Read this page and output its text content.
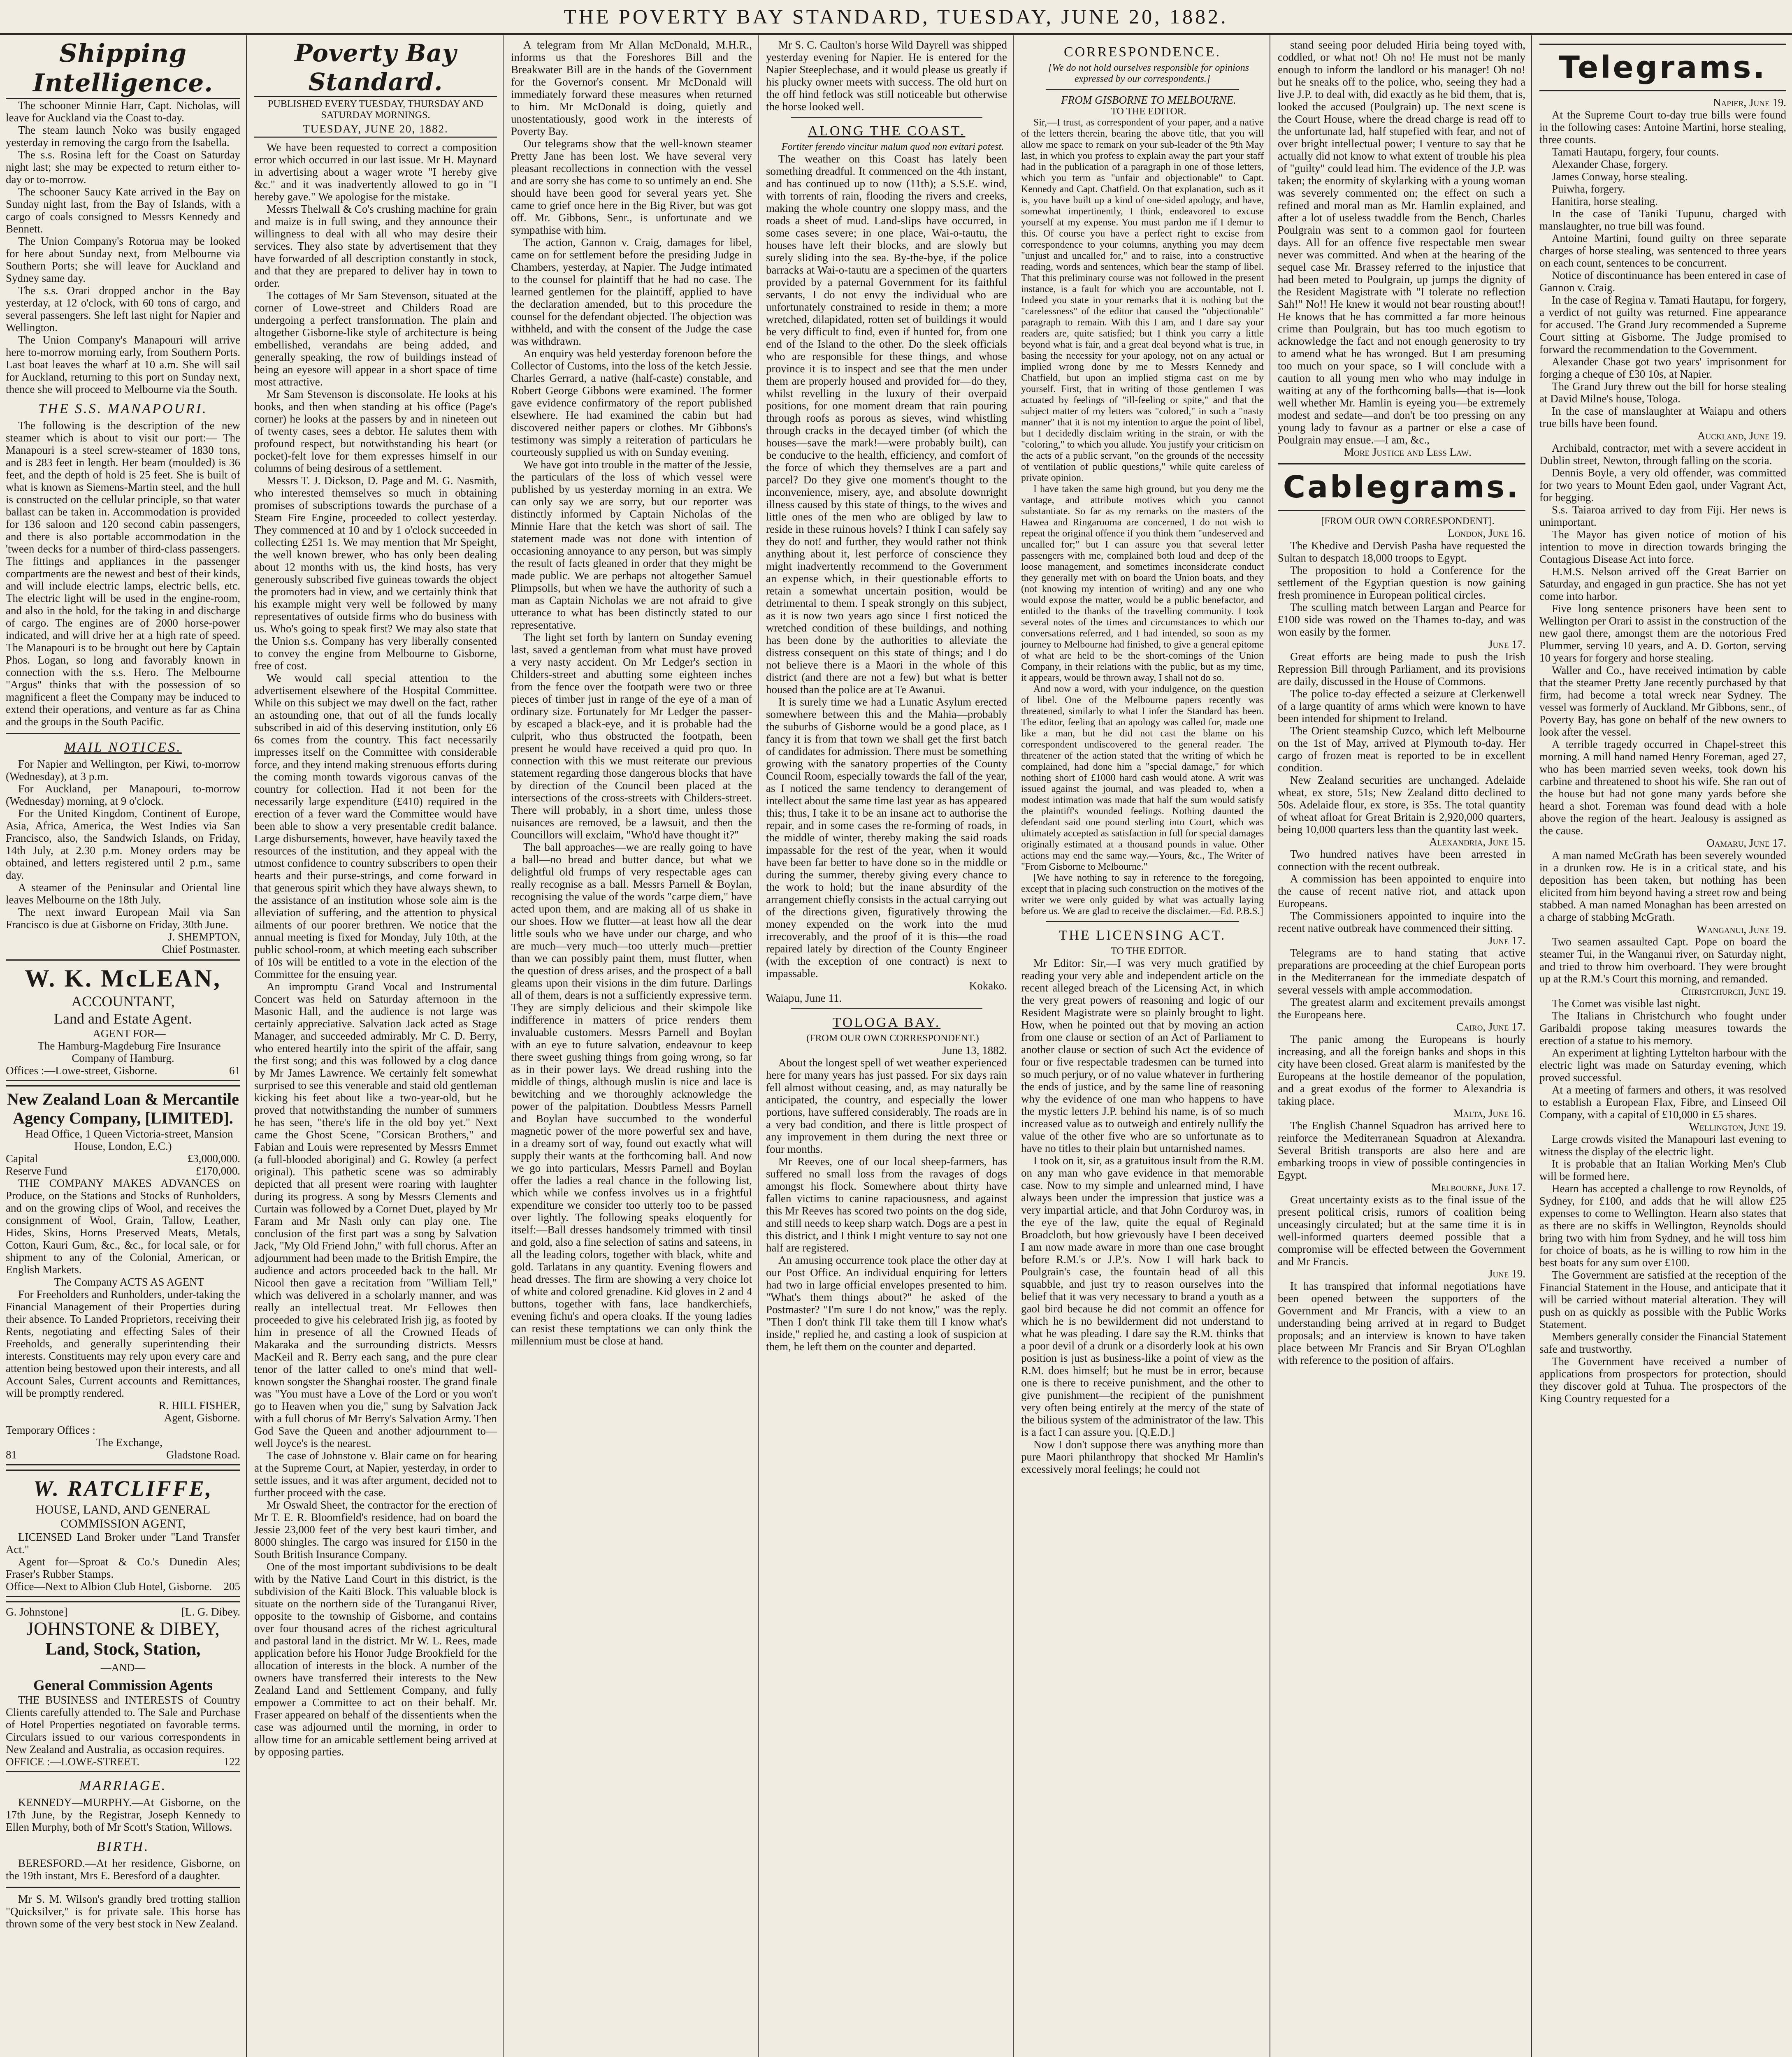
THE POVERTY BAY STANDARD, TUESDAY, JUNE 20, 1882.
Shipping Intelligence.

The schooner Minnie Harr, Capt. Nicholas, will leave for Auckland via the Coast to-day.

The steam launch Noko was busily engaged yesterday in removing the cargo from the Isabella.

The s.s. Rosina left for the Coast on Saturday night last; she may be expected to return either to-day or to-morrow.

The schooner Saucy Kate arrived in the Bay on Sunday night last, from the Bay of Islands, with a cargo of coals consigned to Messrs Kennedy and Bennett.

The Union Company's Rotorua may be looked for here about Sunday next, from Melbourne via Southern Ports; she will leave for Auckland and Sydney same day.

The s.s. Orari dropped anchor in the Bay yesterday, at 12 o'clock, with 60 tons of cargo, and several passengers. She left last night for Napier and Wellington.

The Union Company's Manapouri will arrive here to-morrow morning early, from Southern Ports. Last boat leaves the wharf at 10 a.m. She will sail for Auckland, returning to this port on Sunday next, thence she will proceed to Melbourne via the South.

THE S.S. MANAPOURI.

The following is the description of the new steamer which is about to visit our port:— The Manapouri is a steel screw-steamer of 1830 tons, and is 283 feet in length. Her beam (moulded) is 36 feet, and the depth of hold is 25 feet. She is built of what is known as Siemens-Martin steel, and the hull is constructed on the cellular principle, so that water ballast can be taken in. Accommodation is provided for 136 saloon and 120 second cabin passengers, and there is also portable accommodation in the 'tween decks for a number of third-class passengers. The fittings and appliances in the passenger compartments are the newest and best of their kinds, and will include electric lamps, electric bells, etc. The electric light will be used in the engine-room, and also in the hold, for the taking in and discharge of cargo. The engines are of 2000 horse-power indicated, and will drive her at a high rate of speed. The Manapouri is to be brought out here by Captain Phos. Logan, so long and favorably known in connection with the s.s. Hero. The Melbourne "Argus" thinks that with the possession of so magnificent a fleet the Company may be induced to extend their operations, and venture as far as China and the groups in the South Pacific.

MAIL NOTICES.

For Napier and Wellington, per Kiwi, to-morrow (Wednesday), at 3 p.m.

For Auckland, per Manapouri, to-morrow (Wednesday) morning, at 9 o'clock.

For the United Kingdom, Continent of Europe, Asia, Africa, America, the West Indies via San Francisco, also, the Sandwich Islands, on Friday, 14th July, at 2.30 p.m. Money orders may be obtained, and letters registered until 2 p.m., same day.

A steamer of the Peninsular and Oriental line leaves Melbourne on the 18th July.

The next inward European Mail via San Francisco is due at Gisborne on Friday, 30th June.

J. SHEMPTON,

Chief Postmaster.

W. K. McLEAN,
ACCOUNTANT,
Land and Estate Agent.

AGENT FOR—

The Hamburg-Magdeburg Fire Insurance Company of Hamburg.

Offices :—Lowe-street, Gisborne.	61
New Zealand Loan & Mercantile Agency Company, [LIMITED].

Head Office, 1 Queen Victoria-street, Mansion House, London, E.C.)

Capital	£3,000,000.
Reserve Fund	£170,000.

THE COMPANY MAKES ADVANCES on Produce, on the Stations and Stocks of Runholders, and on the growing clips of Wool, and receives the consignment of Wool, Grain, Tallow, Leather, Hides, Skins, Horns Preserved Meats, Metals, Cotton, Kauri Gum, &c., &c., for local sale, or for shipment to any of the Colonial, American, or English Markets.

The Company ACTS AS AGENT

For Freeholders and Runholders, under-taking the Financial Management of their Properties during their absence. To Landed Proprietors, receiving their Rents, negotiating and effecting Sales of their Freeholds, and generally superintending their interests. Constituents may rely upon every care and attention being bestowed upon their interests, and all Account Sales, Current accounts and Remittances, will be promptly rendered.

R. HILL FISHER,

Agent, Gisborne.

Temporary Offices :

The Exchange,

81	Gladstone Road.
W. RATCLIFFE,
HOUSE, LAND, AND GENERAL COMMISSION AGENT,

LICENSED Land Broker under "Land Transfer Act."

Agent for—Sproat & Co.'s Dunedin Ales; Fraser's Rubber Stamps.

Office—Next to Albion Club Hotel, Gisborne. 205
G. Johnstone]	[L. G. Dibey.
JOHNSTONE & DIBEY,
Land, Stock, Station,
—AND—
General Commission Agents

THE BUSINESS and INTERESTS of Country Clients carefully attended to. The Sale and Purchase of Hotel Properties negotiated on favorable terms. Circulars issued to our various correspondents in New Zealand and Australia, as occasion requires.

OFFICE :—LOWE-STREET.	122
MARRIAGE.

KENNEDY—MURPHY.—At Gisborne, on the 17th June, by the Registrar, Joseph Kennedy to Ellen Murphy, both of Mr Scott's Station, Willows.

BIRTH.

BERESFORD.—At her residence, Gisborne, on the 19th instant, Mrs E. Beresford of a daughter.

Mr S. M. Wilson's grandly bred trotting stallion "Quicksilver," is for private sale. This horse has thrown some of the very best stock in New Zealand.

Poverty Bay Standard.
PUBLISHED EVERY TUESDAY, THURSDAY AND SATURDAY MORNINGS.
TUESDAY, JUNE 20, 1882.

We have been requested to correct a composition error which occurred in our last issue. Mr H. Maynard in advertising about a wager wrote "I hereby give &c." and it was inadvertently allowed to go in "I hereby gave." We apologise for the mistake.

Messrs Thelwall & Co's crushing machine for grain and maize is in full swing, and they announce their willingness to deal with all who may desire their services. They also state by advertisement that they have forwarded of all description constantly in stock, and that they are prepared to deliver hay in town to order.

The cottages of Mr Sam Stevenson, situated at the corner of Lowe-street and Childers Road are undergoing a perfect transformation. The plain and altogether Gisborne-like style of architecture is being embellished, verandahs are being added, and generally speaking, the row of buildings instead of being an eyesore will appear in a short space of time most attractive.

Mr Sam Stevenson is disconsolate. He looks at his books, and then when standing at his office (Page's corner) he looks at the passers by and in nineteen out of twenty cases, sees a debtor. He salutes them with profound respect, but notwithstanding his heart (or pocket)-felt love for them expresses himself in our columns of being desirous of a settlement.

Messrs T. J. Dickson, D. Page and M. G. Nasmith, who interested themselves so much in obtaining promises of subscriptions towards the purchase of a Steam Fire Engine, proceeded to collect yesterday. They commenced at 10 and by 1 o'clock succeeded in collecting £251 1s. We may mention that Mr Speight, the well known brewer, who has only been dealing about 12 months with us, the kind hosts, has very generously subscribed five guineas towards the object the promoters had in view, and we certainly think that his example might very well be followed by many representatives of outside firms who do business with us. Who's going to speak first? We may also state that the Union s.s. Company has very liberally consented to convey the engine from Melbourne to Gisborne, free of cost.

We would call special attention to the advertisement elsewhere of the Hospital Committee. While on this subject we may dwell on the fact, rather an astounding one, that out of all the funds locally subscribed in aid of this deserving institution, only £6 6s comes from the country. This fact necessarily impresses itself on the Committee with considerable force, and they intend making strenuous efforts during the coming month towards vigorous canvas of the country for collection. Had it not been for the necessarily large expenditure (£410) required in the erection of a fever ward the Committee would have been able to show a very presentable credit balance. Large disbursements, however, have heavily taxed the resources of the institution, and they appeal with the utmost confidence to country subscribers to open their hearts and their purse-strings, and come forward in that generous spirit which they have always shewn, to the assistance of an institution whose sole aim is the alleviation of suffering, and the attention to physical ailments of our poorer brethren. We notice that the annual meeting is fixed for Monday, July 10th, at the public school-room, at which meeting each subscriber of 10s will be entitled to a vote in the election of the Committee for the ensuing year.

An impromptu Grand Vocal and Instrumental Concert was held on Saturday afternoon in the Masonic Hall, and the audience is not large was certainly appreciative. Salvation Jack acted as Stage Manager, and succeeded admirably. Mr C. D. Berry, who entered heartily into the spirit of the affair, sang the first song; and this was followed by a clog dance by Mr James Lawrence. We certainly felt somewhat surprised to see this venerable and staid old gentleman kicking his feet about like a two-year-old, but he proved that notwithstanding the number of summers he has seen, "there's life in the old boy yet." Next came the Ghost Scene, "Corsican Brothers," and Fabian and Louis were represented by Messrs Emmet (a full-blooded aboriginal) and G. Rowley (a perfect original). This pathetic scene was so admirably depicted that all present were roaring with laughter during its progress. A song by Messrs Clements and Curtain was followed by a Cornet Duet, played by Mr Faram and Mr Nash only can play one. The conclusion of the first part was a song by Salvation Jack, "My Old Friend John," with full chorus. After an adjournment had been made to the British Empire, the audience and actors proceeded back to the hall. Mr Nicool then gave a recitation from "William Tell," which was delivered in a scholarly manner, and was really an intellectual treat. Mr Fellowes then proceeded to give his celebrated Irish jig, as footed by him in presence of all the Crowned Heads of Makaraka and the surrounding districts. Messrs MacKeil and R. Berry each sang, and the pure clear tenor of the latter called to one's mind that well-known songster the Shanghai rooster. The grand finale was "You must have a Love of the Lord or you won't go to Heaven when you die," sung by Salvation Jack with a full chorus of Mr Berry's Salvation Army. Then God Save the Queen and another adjournment to—well Joyce's is the nearest.

The case of Johnstone v. Blair came on for hearing at the Supreme Court, at Napier, yesterday, in order to settle issues, and it was after argument, decided not to further proceed with the case.

Mr Oswald Sheet, the contractor for the erection of Mr T. E. R. Bloomfield's residence, had on board the Jessie 23,000 feet of the very best kauri timber, and 8000 shingles. The cargo was insured for £150 in the South British Insurance Company.

One of the most important subdivisions to be dealt with by the Native Land Court in this district, is the subdivision of the Kaiti Block. This valuable block is situate on the northern side of the Turanganui River, opposite to the township of Gisborne, and contains over four thousand acres of the richest agricultural and pastoral land in the district. Mr W. L. Rees, made application before his Honor Judge Brookfield for the allocation of interests in the block. A number of the owners have transferred their interests to the New Zealand Land and Settlement Company, and fully empower a Committee to act on their behalf. Mr. Fraser appeared on behalf of the dissentients when the case was adjourned until the morning, in order to allow time for an amicable settlement being arrived at by opposing parties.

A telegram from Mr Allan McDonald, M.H.R., informs us that the Foreshores Bill and the Breakwater Bill are in the hands of the Government for the Governor's consent. Mr McDonald will immediately forward these measures when returned to him. Mr McDonald is doing, quietly and unostentatiously, good work in the interests of Poverty Bay.

Our telegrams show that the well-known steamer Pretty Jane has been lost. We have several very pleasant recollections in connection with the vessel and are sorry she has come to so untimely an end. She should have been good for several years yet. She came to grief once here in the Big River, but was got off. Mr. Gibbons, Senr., is unfortunate and we sympathise with him.

The action, Gannon v. Craig, damages for libel, came on for settlement before the presiding Judge in Chambers, yesterday, at Napier. The Judge intimated to the counsel for plaintiff that he had no case. The learned gentlemen for the plaintiff, applied to have the declaration amended, but to this procedure the counsel for the defendant objected. The objection was withheld, and with the consent of the Judge the case was withdrawn.

An enquiry was held yesterday forenoon before the Collector of Customs, into the loss of the ketch Jessie. Charles Gerrard, a native (half-caste) constable, and Robert George Gibbons were examined. The former gave evidence confirmatory of the report published elsewhere. He had examined the cabin but had discovered neither papers or clothes. Mr Gibbons's testimony was simply a reiteration of particulars he courteously supplied us with on Sunday evening.

We have got into trouble in the matter of the Jessie, the particulars of the loss of which vessel were published by us yesterday morning in an extra. We can only say we are sorry, but our reporter was distinctly informed by Captain Nicholas of the Minnie Hare that the ketch was short of sail. The statement made was not done with intention of occasioning annoyance to any person, but was simply the result of facts gleaned in order that they might be made public. We are perhaps not altogether Samuel Plimpsolls, but when we have the authority of such a man as Captain Nicholas we are not afraid to give utterance to what has been distinctly stated to our representative.

The light set forth by lantern on Sunday evening last, saved a gentleman from what must have proved a very nasty accident. On Mr Ledger's section in Childers-street and abutting some eighteen inches from the fence over the footpath were two or three pieces of timber just in range of the eye of a man of ordinary size. Fortunately for Mr Ledger the passer-by escaped a black-eye, and it is probable had the culprit, who thus obstructed the footpath, been present he would have received a quid pro quo. In connection with this we must reiterate our previous statement regarding those dangerous blocks that have by direction of the Council been placed at the intersections of the cross-streets with Childers-street. There will probably, in a short time, unless those nuisances are removed, be a lawsuit, and then the Councillors will exclaim, "Who'd have thought it?"

The ball approaches—we are really going to have a ball—no bread and butter dance, but what we delightful old frumps of very respectable ages can really recognise as a ball. Messrs Parnell & Boylan, recognising the value of the words "carpe diem," have acted upon them, and are making all of us shake in our shoes. How we flutter—at least how all the dear little souls who we have under our charge, and who are much—very much—too utterly much—prettier than we can possibly paint them, must flutter, when the question of dress arises, and the prospect of a ball gleams upon their visions in the dim future. Darlings all of them, dears is not a sufficiently expressive term. They are simply delicious and their skimpole like indifference in matters of price renders them invaluable customers. Messrs Parnell and Boylan with an eye to future salvation, endeavour to keep there sweet gushing things from going wrong, so far as in their power lays. We dread rushing into the middle of things, although muslin is nice and lace is bewitching and we thoroughly acknowledge the power of the palpitation. Doubtless Messrs Parnell and Boylan have succumbed to the wonderful magnetic power of the more powerful sex and have, in a dreamy sort of way, found out exactly what will supply their wants at the forthcoming ball. And now we go into particulars, Messrs Parnell and Boylan offer the ladies a real chance in the following list, which while we confess involves us in a frightful expenditure we consider too utterly too to be passed over lightly. The following speaks eloquently for itself:—Ball dresses handsomely trimmed with tinsil and gold, also a fine selection of satins and sateens, in all the leading colors, together with black, white and gold. Tarlatans in any quantity. Evening flowers and head dresses. The firm are showing a very choice lot of white and colored grenadine. Kid gloves in 2 and 4 buttons, together with fans, lace handkerchiefs, evening fichu's and opera cloaks. If the young ladies can resist these temptations we can only think the millennium must be close at hand.

Mr S. C. Caulton's horse Wild Dayrell was shipped yesterday evening for Napier. He is entered for the Napier Steeplechase, and it would please us greatly if his plucky owner meets with success. The old hurt on the off hind fetlock was still noticeable but otherwise the horse looked well.

ALONG THE COAST.

Fortiter ferendo vincitur malum quod non evitari potest.

The weather on this Coast has lately been something dreadful. It commenced on the 4th instant, and has continued up to now (11th); a S.S.E. wind, with torrents of rain, flooding the rivers and creeks, making the whole country one sloppy mass, and the roads a sheet of mud. Land-slips have occurred, in some cases severe; in one place, Wai-o-tautu, the houses have left their blocks, and are slowly but surely sliding into the sea. By-the-bye, if the police barracks at Wai-o-tautu are a specimen of the quarters provided by a paternal Government for its faithful servants, I do not envy the individual who are unfortunately constrained to reside in them; a more wretched, dilapidated, rotten set of buildings it would be very difficult to find, even if hunted for, from one end of the Island to the other. Do the sleek officials who are responsible for these things, and whose province it is to inspect and see that the men under them are properly housed and provided for—do they, whilst revelling in the luxury of their overpaid positions, for one moment dream that rain pouring through roofs as porous as sieves, wind whistling through cracks in the decayed timber (of which the houses—save the mark!—were probably built), can be conducive to the health, efficiency, and comfort of the force of which they themselves are a part and parcel? Do they give one moment's thought to the inconvenience, misery, aye, and absolute downright illness caused by this state of things, to the wives and little ones of the men who are obliged by law to reside in these ruinous hovels? I think I can safely say they do not! and further, they would rather not think anything about it, lest perforce of conscience they might inadvertently recommend to the Government an expense which, in their questionable efforts to retain a somewhat uncertain position, would be detrimental to them. I speak strongly on this subject, as it is now two years ago since I first noticed the wretched condition of these buildings, and nothing has been done by the authorities to alleviate the distress consequent on this state of things; and I do not believe there is a Maori in the whole of this district (and there are not a few) but what is better housed than the police are at Te Awanui.

It is surely time we had a Lunatic Asylum erected somewhere between this and the Mahia—probably the suburbs of Gisborne would be a good place, as I fancy it is from that town we shall get the first batch of candidates for admission. There must be something growing with the sanatory properties of the County Council Room, especially towards the fall of the year, as I noticed the same tendency to derangement of intellect about the same time last year as has appeared this; thus, I take it to be an insane act to authorise the repair, and in some cases the re-forming of roads, in the middle of winter, thereby making the said roads impassable for the rest of the year, when it would have been far better to have done so in the middle or during the summer, thereby giving every chance to the work to hold; but the inane absurdity of the arrangement chiefly consists in the actual carrying out of the directions given, figuratively throwing the money expended on the work into the mud irrecoverably, and the proof of it is this—the road repaired lately by direction of the County Engineer (with the exception of one contract) is next to impassable.

Kokako.

Waiapu, June 11.

TOLOGA BAY.

(FROM OUR OWN CORRESPONDENT.)

June 13, 1882.

About the longest spell of wet weather experienced here for many years has just passed. For six days rain fell almost without ceasing, and, as may naturally be anticipated, the country, and especially the lower portions, have suffered considerably. The roads are in a very bad condition, and there is little prospect of any improvement in them during the next three or four months.

Mr Reeves, one of our local sheep-farmers, has suffered no small loss from the ravages of dogs amongst his flock. Somewhere about thirty have fallen victims to canine rapaciousness, and against this Mr Reeves has scored two points on the dog side, and still needs to keep sharp watch. Dogs are a pest in this district, and I think I might venture to say not one half are registered.

An amusing occurrence took place the other day at our Post Office. An individual enquiring for letters had two in large official envelopes presented to him. "What's them things about?" he asked of the Postmaster? "I'm sure I do not know," was the reply. "Then I don't think I'll take them till I know what's inside," replied he, and casting a look of suspicion at them, he left them on the counter and departed.

CORRESPONDENCE.

[We do not hold ourselves responsible for opinions expressed by our correspondents.]

FROM GISBORNE TO MELBOURNE.

TO THE EDITOR.

Sir,—I trust, as correspondent of your paper, and a native of the letters therein, bearing the above title, that you will allow me space to remark on your sub-leader of the 9th May last, in which you profess to explain away the part your staff had in the publication of a paragraph in one of those letters, which you term as "unfair and objectionable" to Capt. Kennedy and Capt. Chatfield. On that explanation, such as it is, you have built up a kind of one-sided apology, and have, somewhat impertinently, I think, endeavored to excuse yourself at my expense. You must pardon me if I demur to this. Of course you have a perfect right to excise from correspondence to your columns, anything you may deem "unjust and uncalled for," and to raise, into a constructive reading, words and sentences, which bear the stamp of libel. That this preliminary course was not followed in the present instance, is a fault for which you are accountable, not I. Indeed you state in your remarks that it is nothing but the "carelessness" of the editor that caused the "objectionable" paragraph to remain. With this I am, and I dare say your readers are, quite satisfied; but I think you carry a little beyond what is fair, and a great deal beyond what is true, in basing the necessity for your apology, not on any actual or implied wrong done by me to Messrs Kennedy and Chatfield, but upon an implied stigma cast on me by yourself. First, that in writing of those gentlemen I was actuated by feelings of "ill-feeling or spite," and that the subject matter of my letters was "colored," in such a "nasty manner" that it is not my intention to argue the point of libel, but I decidedly disclaim writing in the strain, or with the "coloring," to which you allude. You justify your criticism on the acts of a public servant, "on the grounds of the necessity of ventilation of public questions," while quite careless of private opinion.

I have taken the same high ground, but you deny me the vantage, and attribute motives which you cannot substantiate. So far as my remarks on the masters of the Hawea and Ringarooma are concerned, I do not wish to repeat the original offence if you think them "undeserved and uncalled for;" but I can assure you that several letter passengers with me, complained both loud and deep of the loose management, and sometimes inconsiderate conduct they generally met with on board the Union boats, and they (not knowing my intention of writing) and any one who would expose the matter, would be a public benefactor, and entitled to the thanks of the travelling community. I took several notes of the times and circumstances to which our conversations referred, and I had intended, so soon as my journey to Melbourne had finished, to give a general epitome of what are held to be the short-comings of the Union Company, in their relations with the public, but as my time, it appears, would be thrown away, I shall not do so.

And now a word, with your indulgence, on the question of libel. One of the Melbourne papers recently was threatened, similarly to what I infer the Standard has been. The editor, feeling that an apology was called for, made one like a man, but he did not cast the blame on his correspondent undiscovered to the general reader. The threatener of the action stated that the writing of which he complained, had done him a "special damage," for which nothing short of £1000 hard cash would atone. A writ was issued against the journal, and was pleaded to, when a modest intimation was made that half the sum would satisfy the plaintiff's wounded feelings. Nothing daunted the defendant said one pound sterling into Court, which was ultimately accepted as satisfaction in full for special damages originally estimated at a thousand pounds in value. Other actions may end the same way.—Yours, &c., The Writer of "From Gisborne to Melbourne."

[We have nothing to say in reference to the foregoing, except that in placing such construction on the motives of the writer we were only guided by what was actually laying before us. We are glad to receive the disclaimer.—Ed. P.B.S.]

THE LICENSING ACT.

TO THE EDITOR.

Mr Editor: Sir,—I was very much gratified by reading your very able and independent article on the recent alleged breach of the Licensing Act, in which the very great powers of reasoning and logic of our Resident Magistrate were so plainly brought to light. How, when he pointed out that by moving an action from one clause or section of an Act of Parliament to another clause or section of such Act the evidence of four or five respectable tradesmen can be turned into so much perjury, or of no value whatever in furthering the ends of justice, and by the same line of reasoning why the evidence of one man who happens to have the mystic letters J.P. behind his name, is of so much increased value as to outweigh and entirely nullify the value of the other five who are so unfortunate as to have no titles to their plain but untarnished names.

I took on it, sir, as a gratuitous insult from the R.M. on any man who gave evidence in that memorable case. Now to my simple and unlearned mind, I have always been under the impression that justice was a very impartial article, and that John Corduroy was, in the eye of the law, quite the equal of Reginald Broadcloth, but how grievously have I been deceived I am now made aware in more than one case brought before R.M.'s or J.P.'s. Now I will hark back to Poulgrain's case, the fountain head of all this squabble, and just try to reason ourselves into the belief that it was very necessary to brand a youth as a gaol bird because he did not commit an offence for which he is no bewilderment did not understand to what he was pleading. I dare say the R.M. thinks that a poor devil of a drunk or a disorderly look at his own position is just as business-like a point of view as the R.M. does himself; but he must be in error, because one is there to receive punishment, and the other to give punishment—the recipient of the punishment very often being entirely at the mercy of the state of the bilious system of the administrator of the law. This is a fact I can assure you. [Q.E.D.]

Now I don't suppose there was anything more than pure Maori philanthropy that shocked Mr Hamlin's excessively moral feelings; he could not

stand seeing poor deluded Hiria being toyed with, coddled, or what not! Oh no! He must not be manly enough to inform the landlord or his manager! Oh no! but he sneaks off to the police, who, seeing they had a live J.P. to deal with, did exactly as he bid them, that is, looked the accused (Poulgrain) up. The next scene is the Court House, where the dread charge is read off to the unfortunate lad, half stupefied with fear, and not of over bright intellectual power; I venture to say that he actually did not know to what extent of trouble his plea of "guilty" could lead him. The evidence of the J.P. was taken; the enormity of skylarking with a young woman was severely commented on; the effect on such a refined and moral man as Mr. Hamlin explained, and after a lot of useless twaddle from the Bench, Charles Poulgrain was sent to a common gaol for fourteen days. All for an offence five respectable men swear never was committed. And when at the hearing of the sequel case Mr. Brassey referred to the injustice that had been meted to Poulgrain, up jumps the dignity of the Resident Magistrate with "I tolerate no reflection Sah!" No!! He knew it would not bear rousting about!! He knows that he has committed a far more heinous crime than Poulgrain, but has too much egotism to acknowledge the fact and not enough generosity to try to amend what he has wronged. But I am presuming too much on your space, so I will conclude with a caution to all young men who who may indulge in waiting at any of the forthcoming balls—that is—look well whether Mr. Hamlin is eyeing you—be extremely modest and sedate—and don't be too pressing on any young lady to favour as a partner or else a case of Poulgrain may ensue.—I am, &c.,

More Justice and Less Law.

Cablegrams.

[FROM OUR OWN CORRESPONDENT].

London, June 16.

The Khedive and Dervish Pasha have requested the Sultan to despatch 18,000 troops to Egypt.

The proposition to hold a Conference for the settlement of the Egyptian question is now gaining fresh prominence in European political circles.

The sculling match between Largan and Pearce for £100 side was rowed on the Thames to-day, and was won easily by the former.

June 17.

Great efforts are being made to push the Irish Repression Bill through Parliament, and its provisions are daily, discussed in the House of Commons.

The police to-day effected a seizure at Clerkenwell of a large quantity of arms which were known to have been intended for shipment to Ireland.

The Orient steamship Cuzco, which left Melbourne on the 1st of May, arrived at Plymouth to-day. Her cargo of frozen meat is reported to be in excellent condition.

New Zealand securities are unchanged. Adelaide wheat, ex store, 51s; New Zealand ditto declined to 50s. Adelaide flour, ex store, is 35s. The total quantity of wheat afloat for Great Britain is 2,920,000 quarters, being 10,000 quarters less than the quantity last week.

Alexandria, June 15.

Two hundred natives have been arrested in connection with the recent outbreak.

A commission has been appointed to enquire into the cause of recent native riot, and attack upon Europeans.

The Commissioners appointed to inquire into the recent native outbreak have commenced their sitting.

June 17.

Telegrams are to hand stating that active preparations are proceeding at the chief European ports in the Mediterranean for the immediate despatch of several vessels with ample accommodation.

The greatest alarm and excitement prevails amongst the Europeans here.

Cairo, June 17.

The panic among the Europeans is hourly increasing, and all the foreign banks and shops in this city have been closed. Great alarm is manifested by the Europeans at the hostile demeanor of the population, and a great exodus of the former to Alexandria is taking place.

Malta, June 16.

The English Channel Squadron has arrived here to reinforce the Mediterranean Squadron at Alexandra. Several British transports are also here and are embarking troops in view of possible contingencies in Egypt.

Melbourne, June 17.

Great uncertainty exists as to the final issue of the present political crisis, rumors of coalition being unceasingly circulated; but at the same time it is in well-informed quarters deemed possible that a compromise will be effected between the Government and Mr Francis.

June 19.

It has transpired that informal negotiations have been opened between the supporters of the Government and Mr Francis, with a view to an understanding being arrived at in regard to Budget proposals; and an interview is known to have taken place between Mr Francis and Sir Bryan O'Loghlan with reference to the position of affairs.

Telegrams.

Napier, June 19.

At the Supreme Court to-day true bills were found in the following cases: Antoine Martini, horse stealing, three counts.

Tamati Hautapu, forgery, four counts.

Alexander Chase, forgery.

James Conway, horse stealing.

Puiwha, forgery.

Hanitira, horse stealing.

In the case of Taniki Tupunu, charged with manslaughter, no true bill was found.

Antoine Martini, found guilty on three separate charges of horse stealing, was sentenced to three years on each count, sentences to be concurrent.

Notice of discontinuance has been entered in case of Gannon v. Craig.

In the case of Regina v. Tamati Hautapu, for forgery, a verdict of not guilty was returned. Fine appearance for accused. The Grand Jury recommended a Supreme Court sitting at Gisborne. The Judge promised to forward the recommendation to the Government.

Alexander Chase got two years' imprisonment for forging a cheque of £30 10s, at Napier.

The Grand Jury threw out the bill for horse stealing at David Milne's house, Tologa.

In the case of manslaughter at Waiapu and others true bills have been found.

Auckland, June 19.

Archibald, contractor, met with a severe accident in Dublin street, Newton, through falling on the scoria.

Dennis Boyle, a very old offender, was committed for two years to Mount Eden gaol, under Vagrant Act, for begging.

S.s. Taiaroa arrived to day from Fiji. Her news is unimportant.

The Mayor has given notice of motion of his intention to move in direction towards bringing the Contagious Disease Act into force.

H.M.S. Nelson arrived off the Great Barrier on Saturday, and engaged in gun practice. She has not yet come into harbor.

Five long sentence prisoners have been sent to Wellington per Orari to assist in the construction of the new gaol there, amongst them are the notorious Fred Plummer, serving 10 years, and A. D. Gorton, serving 10 years for forgery and horse stealing.

Waller and Co., have received intimation by cable that the steamer Pretty Jane recently purchased by that firm, had become a total wreck near Sydney. The vessel was formerly of Auckland. Mr Gibbons, senr., of Poverty Bay, has gone on behalf of the new owners to look after the vessel.

A terrible tragedy occurred in Chapel-street this morning. A mill hand named Henry Foreman, aged 27, who has been married seven weeks, took down his carbine and threatened to shoot his wife. She ran out of the house but had not gone many yards before she heard a shot. Foreman was found dead with a hole above the region of the heart. Jealousy is assigned as the cause.

Oamaru, June 17.

A man named McGrath has been severely wounded in a drunken row. He is in a critical state, and his deposition has been taken, but nothing has been elicited from him beyond having a street row and being stabbed. A man named Monaghan has been arrested on a charge of stabbing McGrath.

Wanganui, June 19.

Two seamen assaulted Capt. Pope on board the steamer Tui, in the Wanganui river, on Saturday night, and tried to throw him overboard. They were brought up at the R.M.'s Court this morning, and remanded.

Christchurch, June 19.

The Comet was visible last night.

The Italians in Christchurch who fought under Garibaldi propose taking measures towards the erection of a statue to his memory.

An experiment at lighting Lyttelton harbour with the electric light was made on Saturday evening, which proved successful.

At a meeting of farmers and others, it was resolved to establish a European Flax, Fibre, and Linseed Oil Company, with a capital of £10,000 in £5 shares.

Wellington, June 19.

Large crowds visited the Manapouri last evening to witness the display of the electric light.

It is probable that an Italian Working Men's Club will be formed here.

Hearn has accepted a challenge to row Reynolds, of Sydney, for £100, and adds that he will allow £25 expenses to come to Wellington. Hearn also states that as there are no skiffs in Wellington, Reynolds should bring two with him from Sydney, and he will toss him for choice of boats, as he is willing to row him in the best boats for any sum over £100.

The Government are satisfied at the reception of the Financial Statement in the House, and anticipate that it will be carried without material alteration. They will push on as quickly as possible with the Public Works Statement.

Members generally consider the Financial Statement safe and trustworthy.

The Government have received a number of applications from prospectors for protection, should they discover gold at Tuhua. The prospectors of the King Country requested for a
